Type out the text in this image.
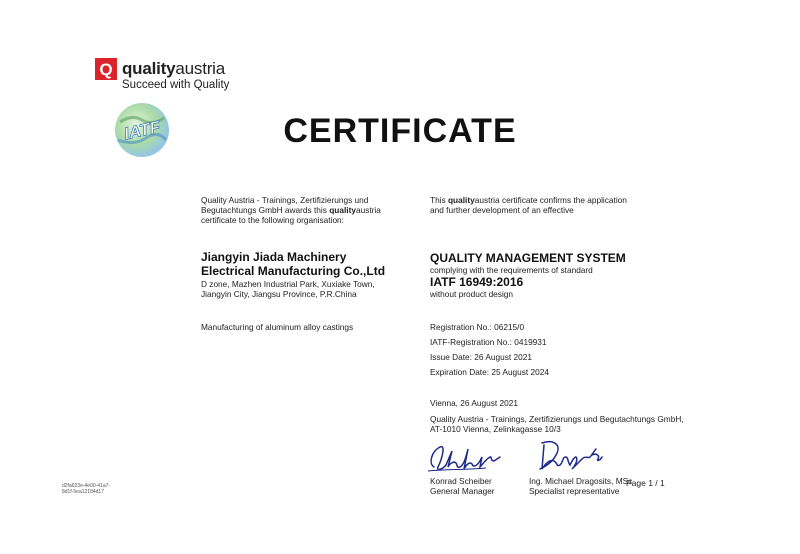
Q qualityaustria
Succeed with Quality
IATF	CERTIFICATE
Quality Austria - Trainings, Zertifizierungs und
Begutachtungs GmbH awards this qualityaustria
certificate to the following organisation:
This qualityaustria certificate confirms the application
and further development of an effective
Jiangyin Jiada Machinery
Electrical Manufacturing Co.,Ltd
D zone, Mazhen Industrial Park, Xuxiake Town,
Jiangyin City, Jiangsu Province, P.R.China
QUALITY MANAGEMENT SYSTEM
complying with the requirements of standard
IATF 16949:2016
without product design
Manufacturing of aluminum alloy castings	Registration No.: 06215/0
IATF-Registration No.: 0419931
Issue Date: 26 August 2021
Expiration Date: 25 August 2024
Vienna, 26 August 2021
Quality Austria - Trainings, Zertifizierungs und Begutachtungs GmbH,
AT-1010 Vienna, Zelinkagasse 10/3
Konrad Scheiber
General Manager
Ing. Michael Dragosits, MSc
Specialist representative
Page 1 / 1
d2fa623e-4e00-41a7-
8d1f-5ea12184d17
